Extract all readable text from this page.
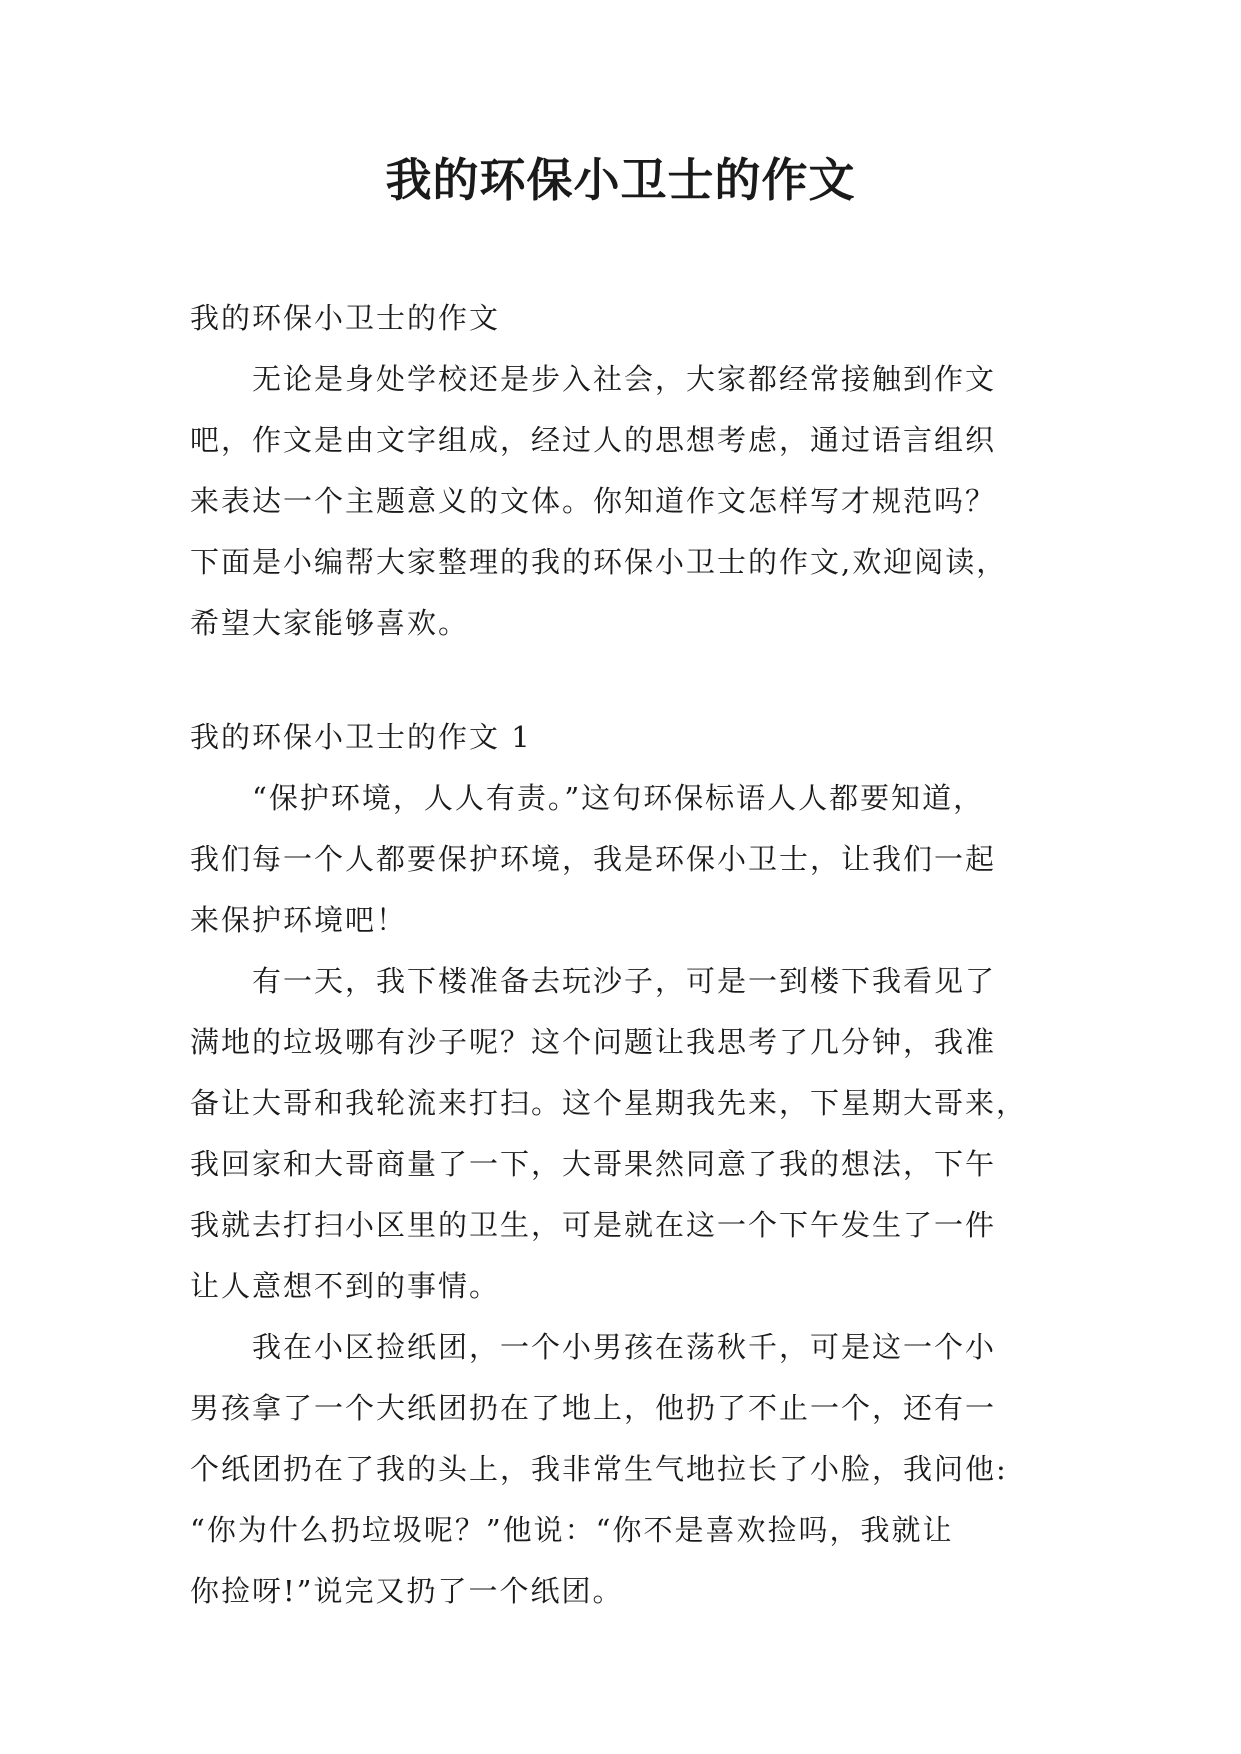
我的环保小卫士的作文
我的环保小卫士的作文
　　无论是身处学校还是步入社会，大家都经常接触到作文
吧，作文是由文字组成，经过人的思想考虑，通过语言组织
来表达一个主题意义的文体。你知道作文怎样写才规范吗？
下面是小编帮大家整理的我的环保小卫士的作文,欢迎阅读，
希望大家能够喜欢。
我的环保小卫士的作文 1
　　“保护环境，人人有责。”这句环保标语人人都要知道，
我们每一个人都要保护环境，我是环保小卫士，让我们一起
来保护环境吧！
　　有一天，我下楼准备去玩沙子，可是一到楼下我看见了
满地的垃圾哪有沙子呢？这个问题让我思考了几分钟，我准
备让大哥和我轮流来打扫。这个星期我先来，下星期大哥来，
我回家和大哥商量了一下，大哥果然同意了我的想法，下午
我就去打扫小区里的卫生，可是就在这一个下午发生了一件
让人意想不到的事情。
　　我在小区捡纸团，一个小男孩在荡秋千，可是这一个小
男孩拿了一个大纸团扔在了地上，他扔了不止一个，还有一
个纸团扔在了我的头上，我非常生气地拉长了小脸，我问他:
“你为什么扔垃圾呢？”他说：“你不是喜欢捡吗，我就让
你捡呀!”说完又扔了一个纸团。
